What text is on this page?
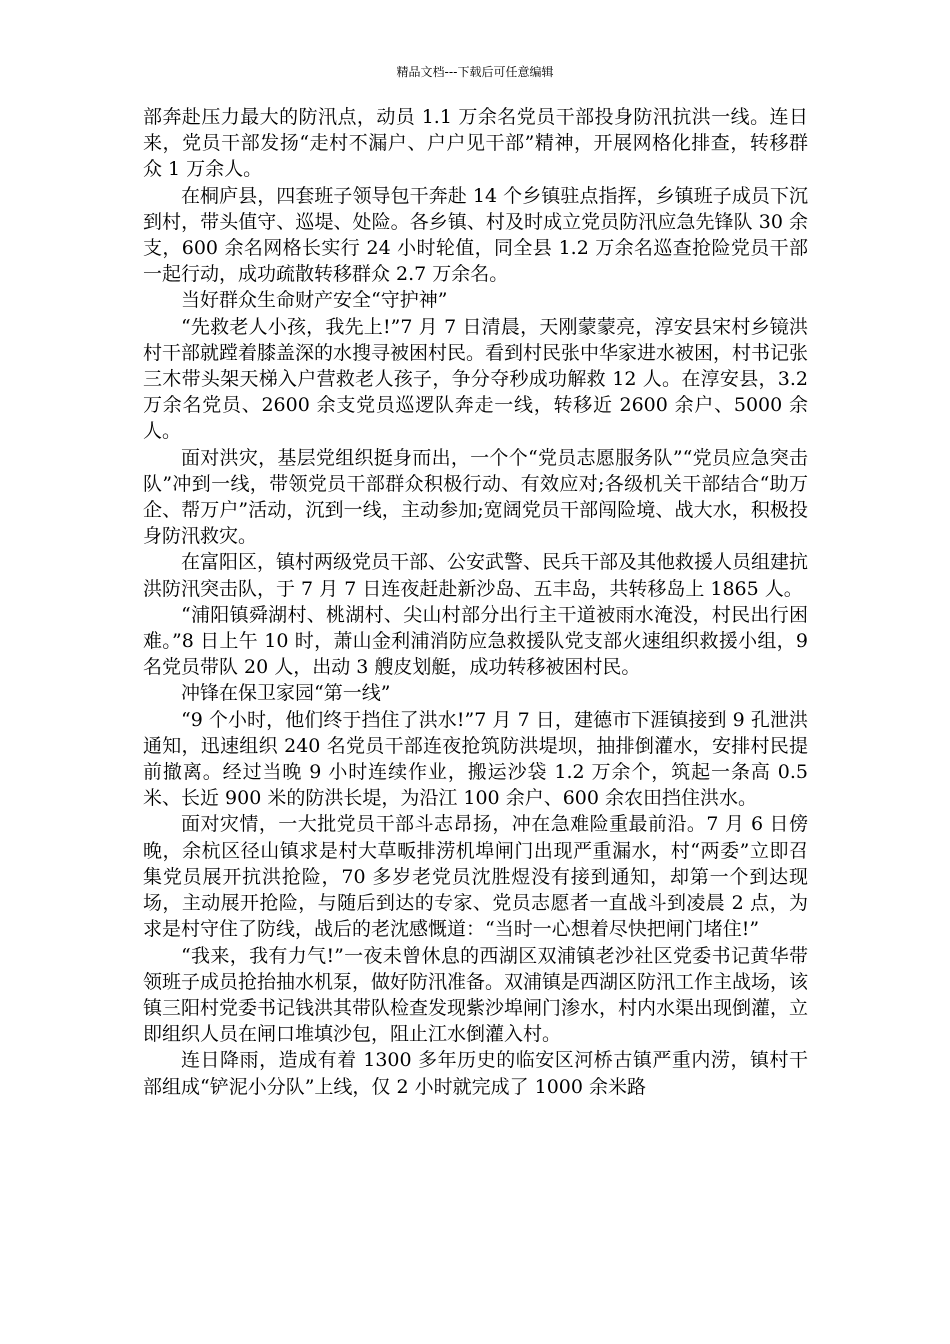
精品文档---下载后可任意编辑

部奔赴压力最大的防汛点，动员 1.1 万余名党员干部投身防汛抗洪一线。连日来，党员干部发扬“走村不漏户、户户见干部”精神，开展网格化排查，转移群众 1 万余人。

在桐庐县，四套班子领导包干奔赴 14 个乡镇驻点指挥，乡镇班子成员下沉到村，带头值守、巡堤、处险。各乡镇、村及时成立党员防汛应急先锋队 30 余支，600 余名网格长实行 24 小时轮值，同全县 1.2 万余名巡查抢险党员干部一起行动，成功疏散转移群众 2.7 万余名。

当好群众生命财产安全“守护神”

“先救老人小孩，我先上!”7 月 7 日清晨，天刚蒙蒙亮，淳安县宋村乡镜洪村干部就蹚着膝盖深的水搜寻被困村民。看到村民张中华家进水被困，村书记张三木带头架天梯入户营救老人孩子，争分夺秒成功解救 12 人。在淳安县，3.2 万余名党员、2600 余支党员巡逻队奔走一线，转移近 2600 余户、5000 余人。

面对洪灾，基层党组织挺身而出，一个个“党员志愿服务队”“党员应急突击队”冲到一线，带领党员干部群众积极行动、有效应对;各级机关干部结合“助万企、帮万户”活动，沉到一线，主动参加;宽阔党员干部闯险境、战大水，积极投身防汛救灾。

在富阳区，镇村两级党员干部、公安武警、民兵干部及其他救援人员组建抗洪防汛突击队，于 7 月 7 日连夜赶赴新沙岛、五丰岛，共转移岛上 1865 人。

“浦阳镇舜湖村、桃湖村、尖山村部分出行主干道被雨水淹没，村民出行困难。”8 日上午 10 时，萧山金利浦消防应急救援队党支部火速组织救援小组，9 名党员带队 20 人，出动 3 艘皮划艇，成功转移被困村民。

冲锋在保卫家园“第一线”

“9 个小时，他们终于挡住了洪水!”7 月 7 日，建德市下涯镇接到 9 孔泄洪通知，迅速组织 240 名党员干部连夜抢筑防洪堤坝，抽排倒灌水，安排村民提前撤离。经过当晚 9 小时连续作业，搬运沙袋 1.2 万余个，筑起一条高 0.5 米、长近 900 米的防洪长堤，为沿江 100 余户、600 余农田挡住洪水。

面对灾情，一大批党员干部斗志昂扬，冲在急难险重最前沿。7 月 6 日傍晚，余杭区径山镇求是村大草畈排涝机埠闸门出现严重漏水，村“两委”立即召集党员展开抗洪抢险，70 多岁老党员沈胜煜没有接到通知，却第一个到达现场，主动展开抢险，与随后到达的专家、党员志愿者一直战斗到凌晨 2 点，为求是村守住了防线，战后的老沈感慨道：“当时一心想着尽快把闸门堵住!”

“我来，我有力气!”一夜未曾休息的西湖区双浦镇老沙社区党委书记黄华带领班子成员抢抬抽水机泵，做好防汛准备。双浦镇是西湖区防汛工作主战场，该镇三阳村党委书记钱洪其带队检查发现紫沙埠闸门渗水，村内水渠出现倒灌，立即组织人员在闸口堆填沙包，阻止江水倒灌入村。

连日降雨，造成有着 1300 多年历史的临安区河桥古镇严重内涝，镇村干部组成“铲泥小分队”上线，仅 2 小时就完成了 1000 余米路
